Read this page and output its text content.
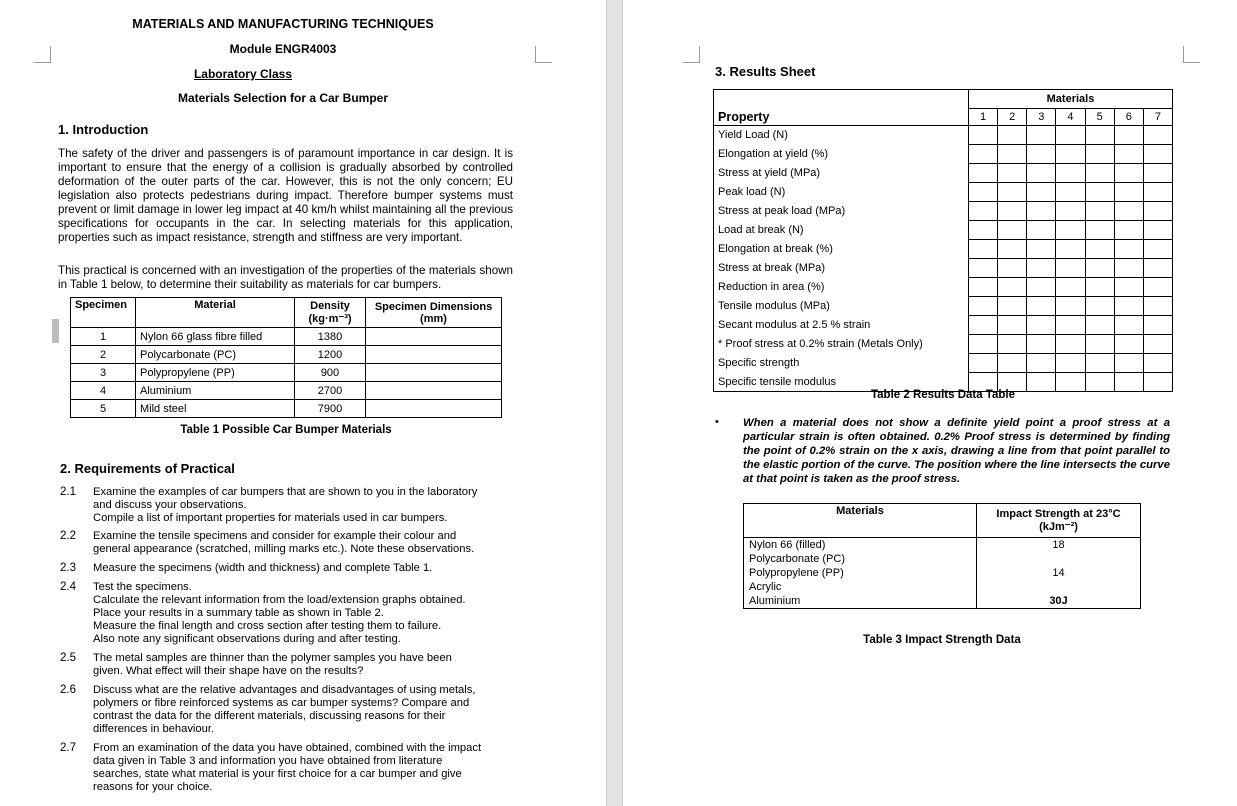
MATERIALS AND MANUFACTURING TECHNIQUES
Module ENGR4003
Laboratory Class
Materials Selection for a Car Bumper
1. Introduction
The safety of the driver and passengers is of paramount importance in car design. It is important to ensure that the energy of a collision is gradually absorbed by controlled deformation of the outer parts of the car. However, this is not the only concern; EU legislation also protects pedestrians during impact. Therefore bumper systems must prevent or limit damage in lower leg impact at 40 km/h whilst maintaining all the previous specifications for occupants in the car. In selecting materials for this application, properties such as impact resistance, strength and stiffness are very important.
This practical is concerned with an investigation of the properties of the materials shown in Table 1 below, to determine their suitability as materials for car bumpers.
Specimen	Material	Density (kg·m⁻³)	Specimen Dimensions (mm)
1	Nylon 66 glass fibre filled	1380	
2	Polycarbonate (PC)	1200	
3	Polypropylene (PP)	900	
4	Aluminium	2700	
5	Mild steel	7900	
Table 1 Possible Car Bumper Materials
2. Requirements of Practical
2.1	Examine the examples of car bumpers that are shown to you in the laboratory and discuss your observations.

Compile a list of important properties for materials used in car bumpers.

2.2	Examine the tensile specimens and consider for example their colour and general appearance (scratched, milling marks etc.). Note these observations.

2.3	Measure the specimens (width and thickness) and complete Table 1.

2.4	Test the specimens.

Calculate the relevant information from the load/extension graphs obtained.

Place your results in a summary table as shown in Table 2.

Measure the final length and cross section after testing them to failure.

Also note any significant observations during and after testing.

2.5	The metal samples are thinner than the polymer samples you have been given. What effect will their shape have on the results?

2.6	Discuss what are the relative advantages and disadvantages of using metals, polymers or fibre reinforced systems as car bumper systems? Compare and contrast the data for the different materials, discussing reasons for their differences in behaviour.

2.7	From an examination of the data you have obtained, combined with the impact data given in Table 3 and information you have obtained from literature searches, state what material is your first choice for a car bumper and give reasons for your choice.

3. Results Sheet
Property	Materials						
	1	2	3	4	5	6	7
Yield Load (N)							
Elongation at yield (%)							
Stress at yield (MPa)							
Peak load (N)							
Stress at peak load (MPa)							
Load at break (N)							
Elongation at break (%)							
Stress at break (MPa)							
Reduction in area (%)							
Tensile modulus (MPa)							
Secant modulus at 2.5 % strain							
* Proof stress at 0.2% strain (Metals Only)							
Specific strength							
Specific tensile modulus							
Table 2 Results Data Table
• When a material does not show a definite yield point a proof stress at a particular strain is often obtained. 0.2% Proof stress is determined by finding the point of 0.2% strain on the x axis, drawing a line from that point parallel to the elastic portion of the curve. The position where the line intersects the curve at that point is taken as the proof stress.
Materials	Impact Strength at 23°C (kJm⁻²)
Nylon 66 (filled)	18
Polycarbonate (PC)	
Polypropylene (PP)	14
Acrylic	
Aluminium	30J
Table 3 Impact Strength Data
